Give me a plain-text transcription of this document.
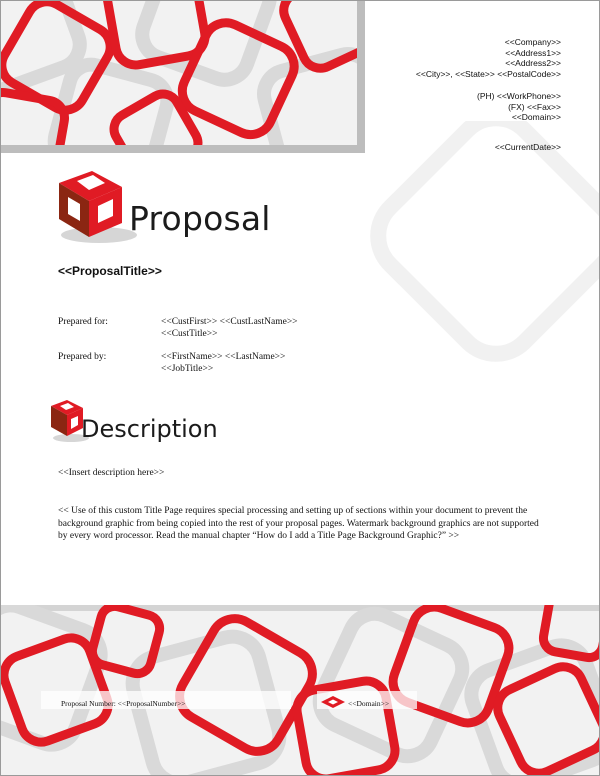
<<Company>>
<<Address1>>
<<Address2>>
<<City>>, <<State>> <<PostalCode>>
(PH) <<WorkPhone>>
(FX) <<Fax>>
<<Domain>>
<<CurrentDate>>
Proposal
<<ProposalTitle>>
Prepared for:	<<CustFirst>> <<CustLastName>>
<<CustTitle>>
Prepared by:	<<FirstName>> <<LastName>>
<<JobTitle>>
Description
<<Insert description here>>
<< Use of this custom Title Page requires special processing and setting up of sections within your document to prevent the background graphic from being copied into the rest of your proposal pages. Watermark background graphics are not supported by every word processor. Read the manual chapter “How do I add a Title Page Background Graphic?” >>
Proposal Number: <<ProposalNumber>>	<<Domain>>
